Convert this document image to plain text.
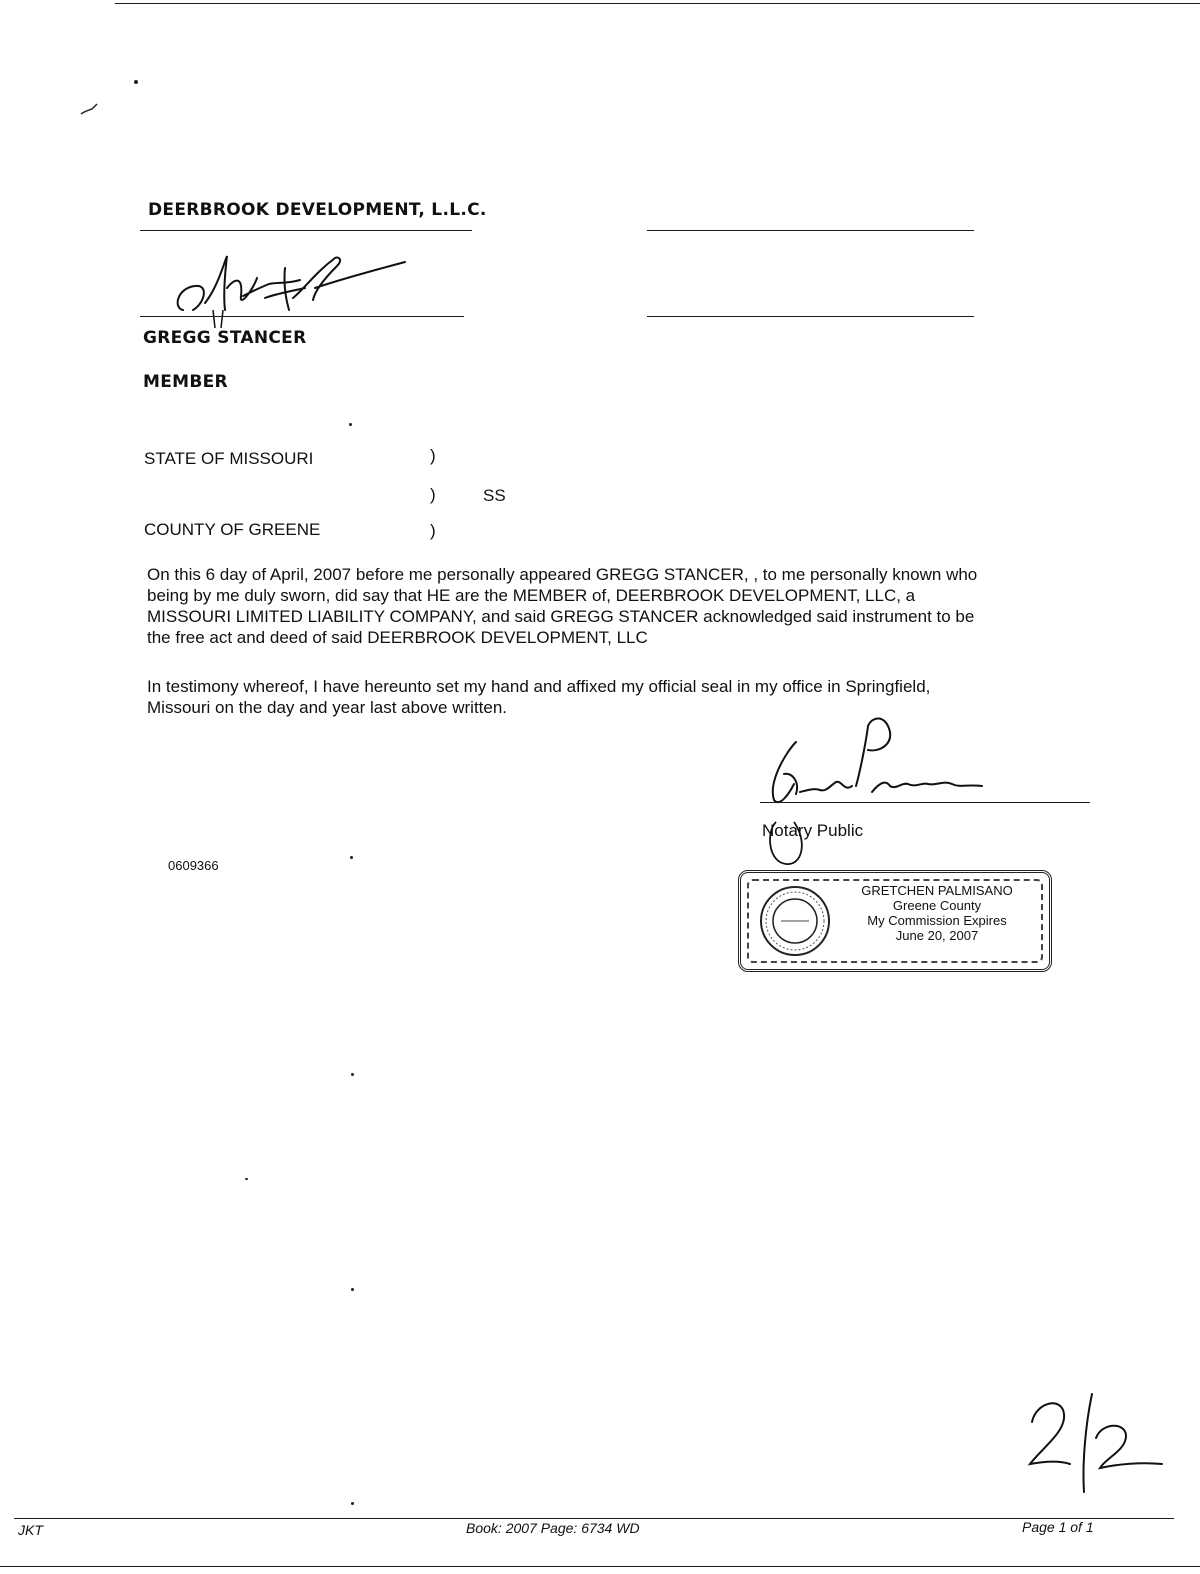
DEERBROOK DEVELOPMENT, L.L.C.
GREGG STANCER
MEMBER
STATE OF MISSOURI	)
)	SS
COUNTY OF GREENE	)
On this 6 day of April, 2007 before me personally appeared GREGG STANCER, , to me personally known who
being by me duly sworn, did say that HE are the MEMBER of, DEERBROOK DEVELOPMENT, LLC, a
MISSOURI LIMITED LIABILITY COMPANY, and said GREGG STANCER acknowledged said instrument to be
the free act and deed of said DEERBROOK DEVELOPMENT, LLC
In testimony whereof, I have hereunto set my hand and affixed my official seal in my office in Springfield,
Missouri on the day and year last above written.
Notary Public
0609366
GRETCHEN PALMISANO
Greene County
My Commission Expires
June 20, 2007
JKT	Book: 2007 Page: 6734 WD	Page 1 of 1
